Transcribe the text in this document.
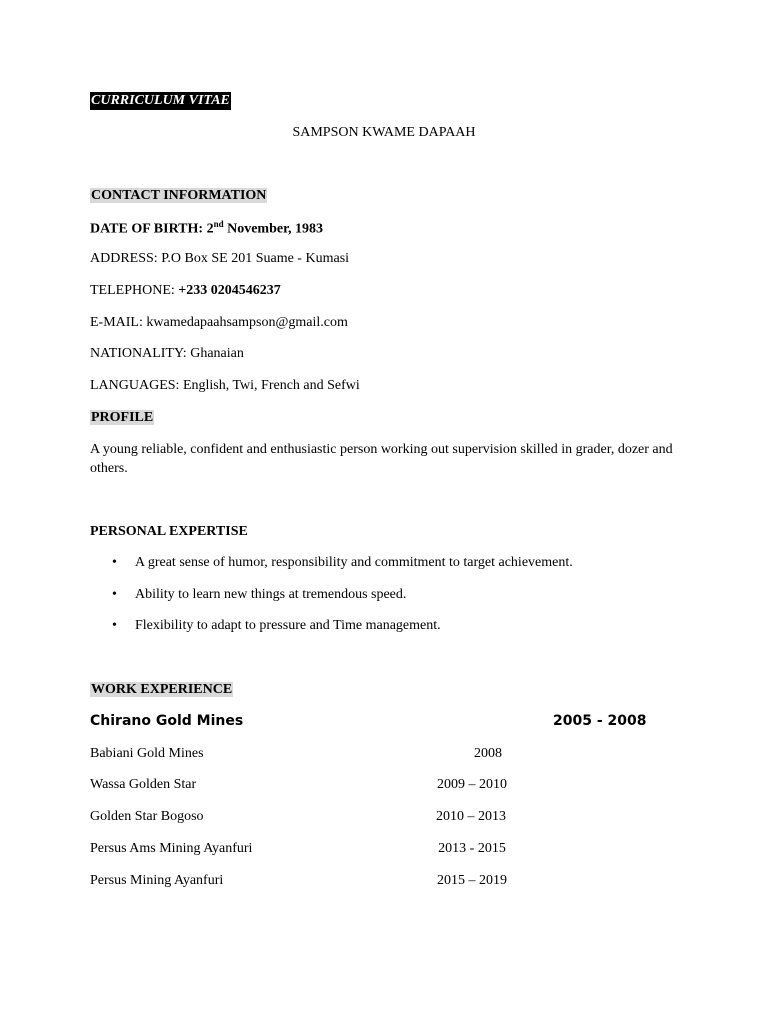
CURRICULUM VITAE
SAMPSON KWAME DAPAAH
CONTACT INFORMATION
DATE OF BIRTH: 2nd November, 1983
ADDRESS: P.O Box SE 201 Suame - Kumasi
TELEPHONE: +233 0204546237
E-MAIL: kwamedapaahsampson@gmail.com
NATIONALITY: Ghanaian
LANGUAGES: English, Twi, French and Sefwi
PROFILE
A young reliable, confident and enthusiastic person working out supervision skilled in grader, dozer and others.
PERSONAL EXPERTISE
• A great sense of humor, responsibility and commitment to target achievement.
• Ability to learn new things at tremendous speed.
• Flexibility to adapt to pressure and Time management.
WORK EXPERIENCE
Chirano Gold Mines	2005 - 2008
Babiani Gold Mines	2008
Wassa Golden Star	2009 – 2010
Golden Star Bogoso	2010 – 2013
Persus Ams Mining Ayanfuri	2013 - 2015
Persus Mining Ayanfuri	2015 – 2019
